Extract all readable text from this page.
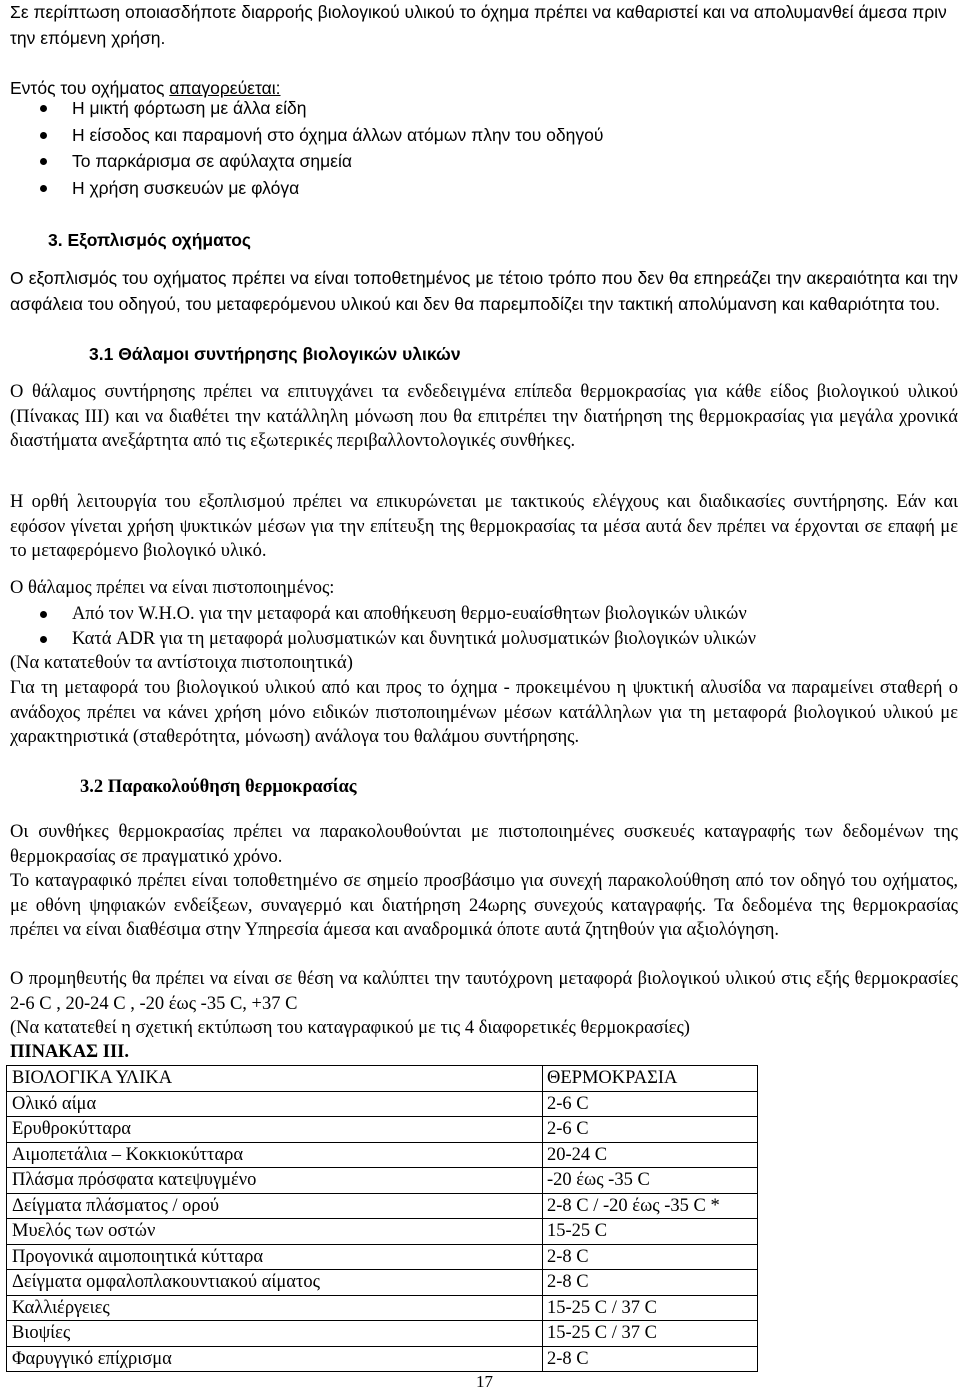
Σε περίπτωση οποιασδήποτε διαρροής βιολογικού υλικού το όχημα πρέπει να καθαριστεί και να απολυμανθεί άμεσα πριν την επόμενη χρήση.

Εντός του οχήματος απαγορεύεται:

Η μικτή φόρτωση με άλλα είδη
Η είσοδος και παραμονή στο όχημα άλλων ατόμων πλην του οδηγού
Το παρκάρισμα σε αφύλαχτα σημεία
Η χρήση συσκευών με φλόγα
3. Εξοπλισμός οχήματος

Ο εξοπλισμός του οχήματος πρέπει να είναι τοποθετημένος με τέτοιο τρόπο που δεν θα επηρεάζει την ακεραιότητα και την ασφάλεια του οδηγού, του μεταφερόμενου υλικού και δεν θα παρεμποδίζει την τακτική απολύμανση και καθαριότητα του.

3.1 Θάλαμοι συντήρησης βιολογικών υλικών

Ο θάλαμος συντήρησης πρέπει να επιτυγχάνει τα ενδεδειγμένα επίπεδα θερμοκρασίας για κάθε είδος βιολογικού υλικού (Πίνακας ΙΙΙ) και να διαθέτει την κατάλληλη μόνωση που θα επιτρέπει την διατήρηση της θερμοκρασίας για μεγάλα χρονικά διαστήματα ανεξάρτητα από τις εξωτερικές περιβαλλοντολογικές συνθήκες.

Η ορθή λειτουργία του εξοπλισμού πρέπει να επικυρώνεται με τακτικούς ελέγχους και διαδικασίες συντήρησης. Εάν και εφόσον γίνεται χρήση ψυκτικών μέσων για την επίτευξη της θερμοκρασίας τα μέσα αυτά δεν πρέπει να έρχονται σε επαφή με το μεταφερόμενο βιολογικό υλικό.

Ο θάλαμος πρέπει να είναι πιστοποιημένος:

Από τον W.H.O. για την μεταφορά και αποθήκευση θερμο-ευαίσθητων βιολογικών υλικών
Κατά ADR για τη μεταφορά μολυσματικών και δυνητικά μολυσματικών βιολογικών υλικών

(Να κατατεθούν τα αντίστοιχα πιστοποιητικά)

Για τη μεταφορά του βιολογικού υλικού από και προς το όχημα - προκειμένου η ψυκτική αλυσίδα να παραμείνει σταθερή ο ανάδοχος πρέπει να κάνει χρήση μόνο ειδικών πιστοποιημένων μέσων κατάλληλων για τη μεταφορά βιολογικού υλικού με χαρακτηριστικά (σταθερότητα, μόνωση) ανάλογα του θαλάμου συντήρησης.

3.2 Παρακολούθηση θερμοκρασίας

Οι συνθήκες θερμοκρασίας πρέπει να παρακολουθούνται με πιστοποιημένες συσκευές καταγραφής των δεδομένων της θερμοκρασίας σε πραγματικό χρόνο.

Το καταγραφικό πρέπει είναι τοποθετημένο σε σημείο προσβάσιμο για συνεχή παρακολούθηση από τον οδηγό του οχήματος, με οθόνη ψηφιακών ενδείξεων, συναγερμό και διατήρηση 24ωρης συνεχούς καταγραφής. Τα δεδομένα της θερμοκρασίας πρέπει να είναι διαθέσιμα στην Υπηρεσία άμεσα και αναδρομικά όποτε αυτά ζητηθούν για αξιολόγηση.

Ο προμηθευτής θα πρέπει να είναι σε θέση να καλύπτει την ταυτόχρονη μεταφορά βιολογικού υλικού στις εξής θερμοκρασίες 2-6 C , 20-24 C , -20 έως -35 C, +37 C

(Να κατατεθεί η σχετική εκτύπωση του καταγραφικού με τις 4 διαφορετικές θερμοκρασίες)

ΠΙΝΑΚΑΣ ΙΙΙ.
ΒΙΟΛΟΓΙΚΑ ΥΛΙΚΑ	ΘΕΡΜΟΚΡΑΣΙΑ
Ολικό αίμα	2-6 C
Ερυθροκύτταρα	2-6 C
Αιμοπετάλια – Κοκκιοκύτταρα	20-24 C
Πλάσμα πρόσφατα κατεψυγμένο	-20 έως -35 C
Δείγματα πλάσματος / ορού	2-8 C / -20 έως -35 C *
Μυελός των οστών	15-25 C
Προγονικά αιμοποιητικά κύτταρα	2-8 C
Δείγματα ομφαλοπλακουντιακού αίματος	2-8 C
Καλλιέργειες	15-25 C / 37 C
Βιοψίες	15-25 C / 37 C
Φαρυγγικό επίχρισμα	2-8 C
17
